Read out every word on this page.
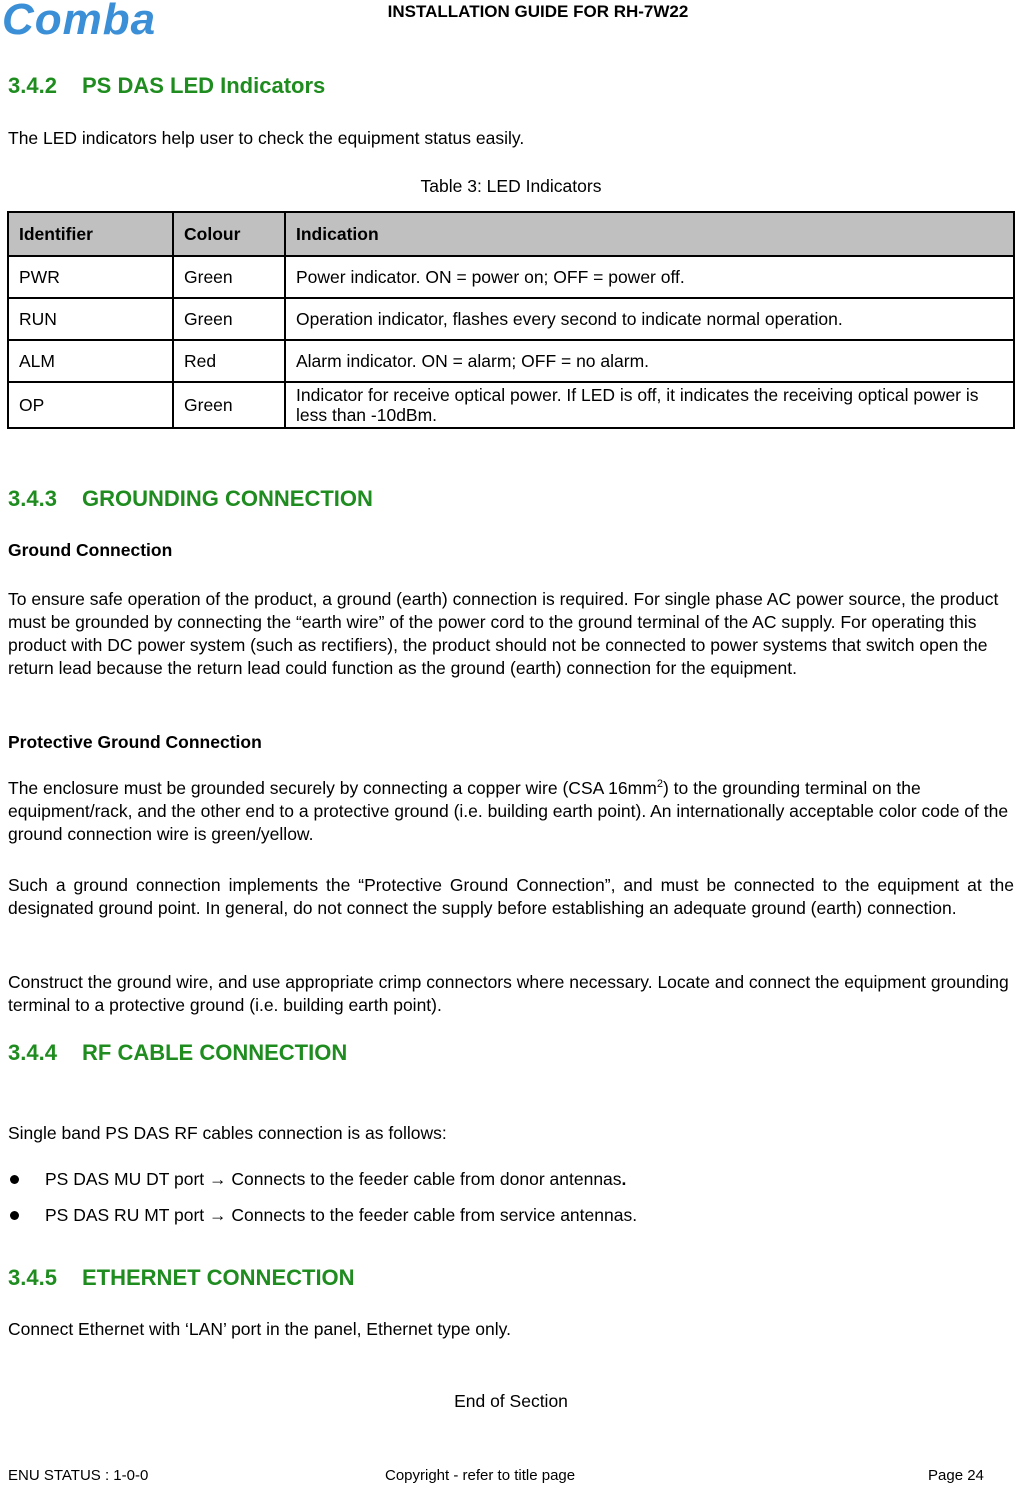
Comba	INSTALLATION GUIDE FOR RH-7W22
3.4.2 PS DAS LED Indicators
The LED indicators help user to check the equipment status easily.
Table 3: LED Indicators
Identifier	Colour	Indication
PWR	Green	Power indicator. ON = power on; OFF = power off.
RUN	Green	Operation indicator, flashes every second to indicate normal operation.
ALM	Red	Alarm indicator. ON = alarm; OFF = no alarm.
OP	Green	Indicator for receive optical power. If LED is off, it indicates the receiving optical power is less than -10dBm.
3.4.3 GROUNDING CONNECTION
Ground Connection
To ensure safe operation of the product, a ground (earth) connection is required. For single phase AC power source, the product must be grounded by connecting the “earth wire” of the power cord to the ground terminal of the AC supply. For operating this product with DC power system (such as rectifiers), the product should not be connected to power systems that switch open the return lead because the return lead could function as the ground (earth) connection for the equipment.
Protective Ground Connection
The enclosure must be grounded securely by connecting a copper wire (CSA $16mm^2$) to the grounding terminal on the equipment/rack, and the other end to a protective ground (i.e. building earth point). An internationally acceptable color code of the ground connection wire is green/yellow.
Such a ground connection implements the “Protective Ground Connection”, and must be connected to the equipment at the designated ground point. In general, do not connect the supply before establishing an adequate ground (earth) connection.
Construct the ground wire, and use appropriate crimp connectors where necessary. Locate and connect the equipment grounding terminal to a protective ground (i.e. building earth point).
3.4.4 RF CABLE CONNECTION
Single band PS DAS RF cables connection is as follows:
PS DAS MU DT port → Connects to the feeder cable from donor antennas.
PS DAS RU MT port → Connects to the feeder cable from service antennas.
3.4.5 ETHERNET CONNECTION
Connect Ethernet with ‘LAN’ port in the panel, Ethernet type only.
End of Section
ENU STATUS : 1-0-0	Copyright - refer to title page	Page 24
